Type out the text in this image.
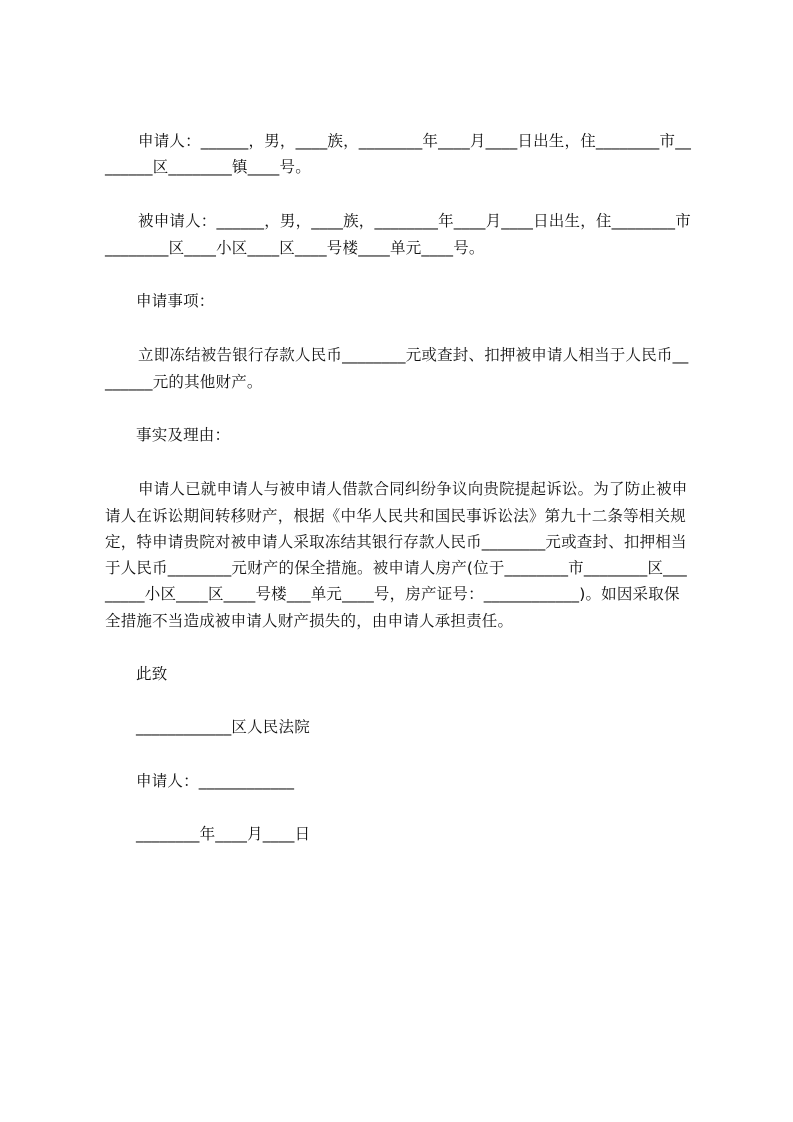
申请人：______，男，____族，________年____月____日出生，住________市__
______区________镇____号。
被申请人：______，男，____族，________年____月____日出生，住________市
________区____小区____区____号楼____单元____号。
申请事项：
立即冻结被告银行存款人民币________元或查封、扣押被申请人相当于人民币__
______元的其他财产。
事实及理由：
申请人已就申请人与被申请人借款合同纠纷争议向贵院提起诉讼。为了防止被申
请人在诉讼期间转移财产，根据《中华人民共和国民事诉讼法》第九十二条等相关规
定，特申请贵院对被申请人采取冻结其银行存款人民币________元或查封、扣押相当
于人民币________元财产的保全措施。被申请人房产(位于________市________区___
_____小区____区____号楼___单元____号，房产证号：____________)。如因采取保
全措施不当造成被申请人财产损失的，由申请人承担责任。
此致
____________区人民法院
申请人：____________
________年____月____日
